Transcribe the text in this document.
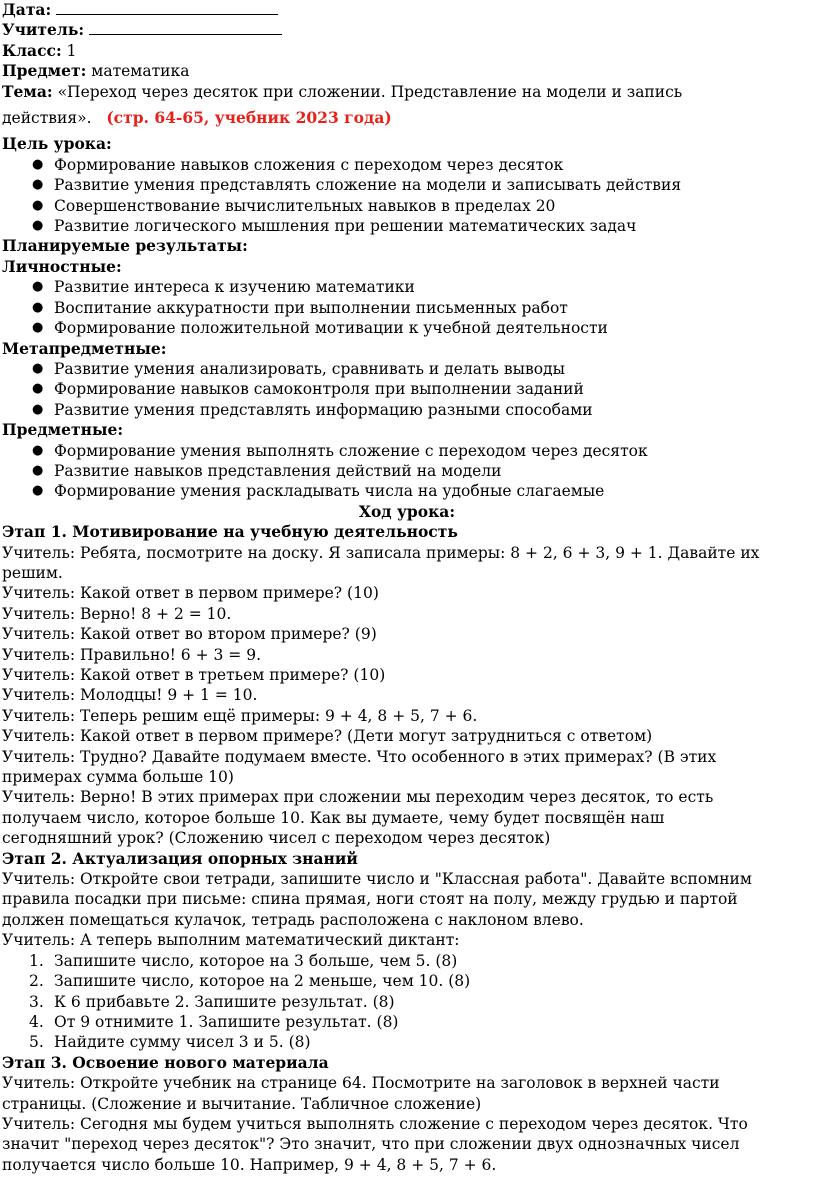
Дата:
Учитель:
Класс: 1
Предмет: математика
Тема: «Переход через десяток при сложении. Представление на модели и запись
действия». (стр. 64-65, учебник 2023 года)
Цель урока:
● Формирование навыков сложения с переходом через десяток
● Развитие умения представлять сложение на модели и записывать действия
● Совершенствование вычислительных навыков в пределах 20
● Развитие логического мышления при решении математических задач
Планируемые результаты:
Личностные:
● Развитие интереса к изучению математики
● Воспитание аккуратности при выполнении письменных работ
● Формирование положительной мотивации к учебной деятельности
Метапредметные:
● Развитие умения анализировать, сравнивать и делать выводы
● Формирование навыков самоконтроля при выполнении заданий
● Развитие умения представлять информацию разными способами
Предметные:
● Формирование умения выполнять сложение с переходом через десяток
● Развитие навыков представления действий на модели
● Формирование умения раскладывать числа на удобные слагаемые
Ход урока:
Этап 1. Мотивирование на учебную деятельность
Учитель: Ребята, посмотрите на доску. Я записала примеры: 8 + 2, 6 + 3, 9 + 1. Давайте их
решим.
Учитель: Какой ответ в первом примере? (10)
Учитель: Верно! 8 + 2 = 10.
Учитель: Какой ответ во втором примере? (9)
Учитель: Правильно! 6 + 3 = 9.
Учитель: Какой ответ в третьем примере? (10)
Учитель: Молодцы! 9 + 1 = 10.
Учитель: Теперь решим ещё примеры: 9 + 4, 8 + 5, 7 + 6.
Учитель: Какой ответ в первом примере? (Дети могут затрудниться с ответом)
Учитель: Трудно? Давайте подумаем вместе. Что особенного в этих примерах? (В этих
примерах сумма больше 10)
Учитель: Верно! В этих примерах при сложении мы переходим через десяток, то есть
получаем число, которое больше 10. Как вы думаете, чему будет посвящён наш
сегодняшний урок? (Сложению чисел с переходом через десяток)
Этап 2. Актуализация опорных знаний
Учитель: Откройте свои тетради, запишите число и "Классная работа". Давайте вспомним
правила посадки при письме: спина прямая, ноги стоят на полу, между грудью и партой
должен помещаться кулачок, тетрадь расположена с наклоном влево.
Учитель: А теперь выполним математический диктант:
1. Запишите число, которое на 3 больше, чем 5. (8)
2. Запишите число, которое на 2 меньше, чем 10. (8)
3. К 6 прибавьте 2. Запишите результат. (8)
4. От 9 отнимите 1. Запишите результат. (8)
5. Найдите сумму чисел 3 и 5. (8)
Этап 3. Освоение нового материала
Учитель: Откройте учебник на странице 64. Посмотрите на заголовок в верхней части
страницы. (Сложение и вычитание. Табличное сложение)
Учитель: Сегодня мы будем учиться выполнять сложение с переходом через десяток. Что
значит "переход через десяток"? Это значит, что при сложении двух однозначных чисел
получается число больше 10. Например, 9 + 4, 8 + 5, 7 + 6.
